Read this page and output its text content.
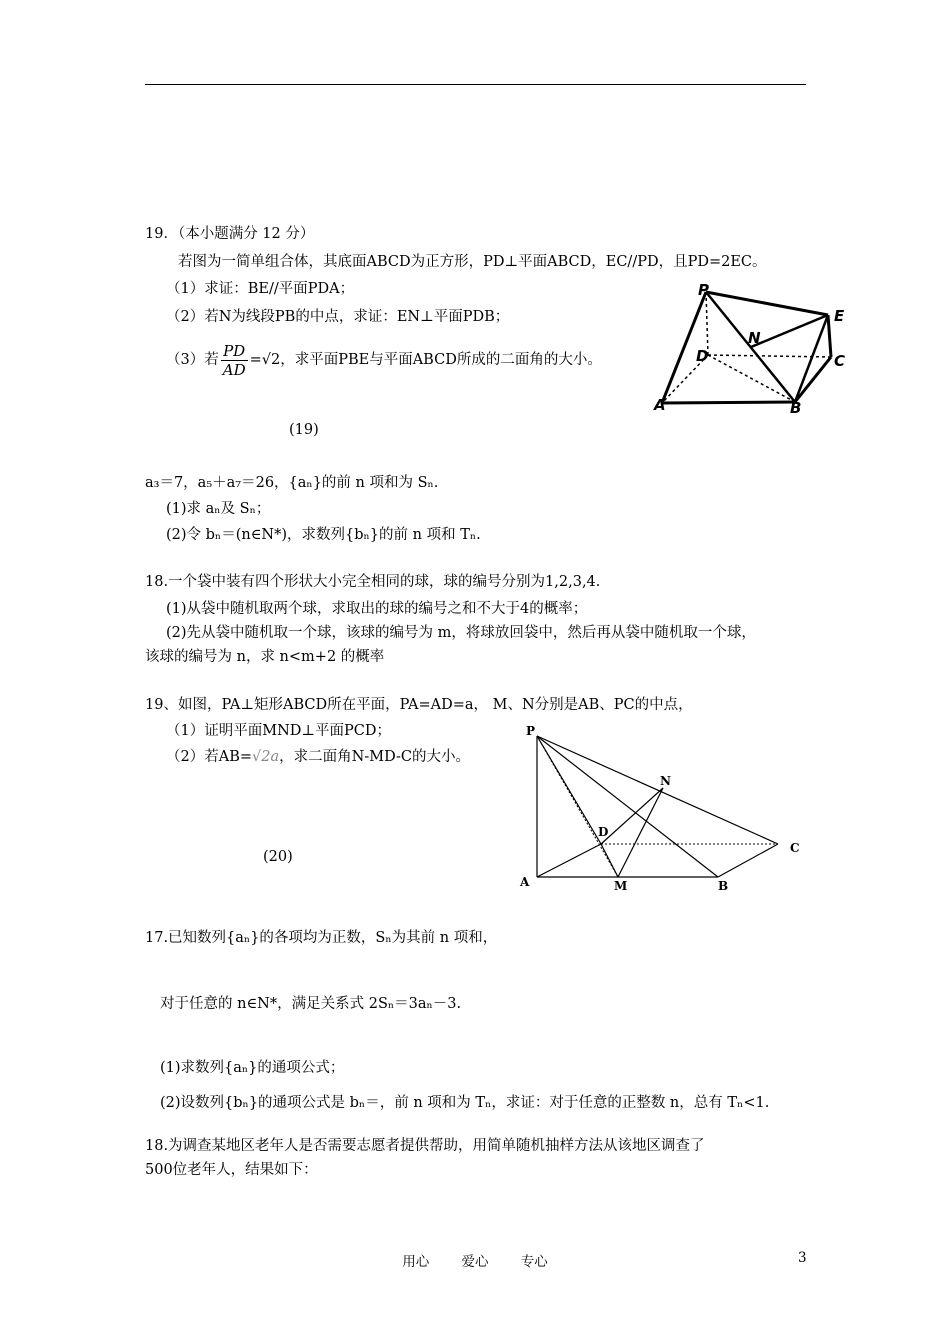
19．（本小题满分 12 分）
若图为一简单组合体，其底面ABCD为正方形，PD⊥平面ABCD，EC//PD，且PD=2EC。
（1）求证：BE//平面PDA；
（2）若N为线段PB的中点，求证：EN⊥平面PDB；
（3）若 $\frac{PD}{AD} =√2$，求平面PBE与平面ABCD所成的二面角的大小。
(19)
P
E
N
D	C
A	B
a₃＝7，a₅＋a₇＝26，{aₙ}的前 n 项和为 Sₙ.
(1)求 aₙ及 Sₙ；
(2)令 bₙ＝(n∈N*)，求数列{bₙ}的前 n 项和 Tₙ.
18.一个袋中装有四个形状大小完全相同的球，球的编号分别为1,2,3,4.
(1)从袋中随机取两个球，求取出的球的编号之和不大于4的概率；
(2)先从袋中随机取一个球，该球的编号为 m，将球放回袋中，然后再从袋中随机取一个球，
该球的编号为 n，求 n<m+2 的概率
19、如图，PA⊥矩形ABCD所在平面，PA=AD=a， M、N分别是AB、PC的中点，
（1）证明平面MND⊥平面PCD；
（2）若AB=√2a，求二面角N-MD-C的大小。
(20)
P
N
D
C
A	M	B
17.已知数列{aₙ}的各项均为正数，Sₙ为其前 n 项和，
对于任意的 n∈N*，满足关系式 2Sₙ＝3aₙ－3.
(1)求数列{aₙ}的通项公式；
(2)设数列{bₙ}的通项公式是 bₙ＝，前 n 项和为 Tₙ，求证：对于任意的正整数 n，总有 Tₙ<1.
18.为调查某地区老年人是否需要志愿者提供帮助，用简单随机抽样方法从该地区调查了
500位老年人，结果如下：
用心 爱心 专心	3
